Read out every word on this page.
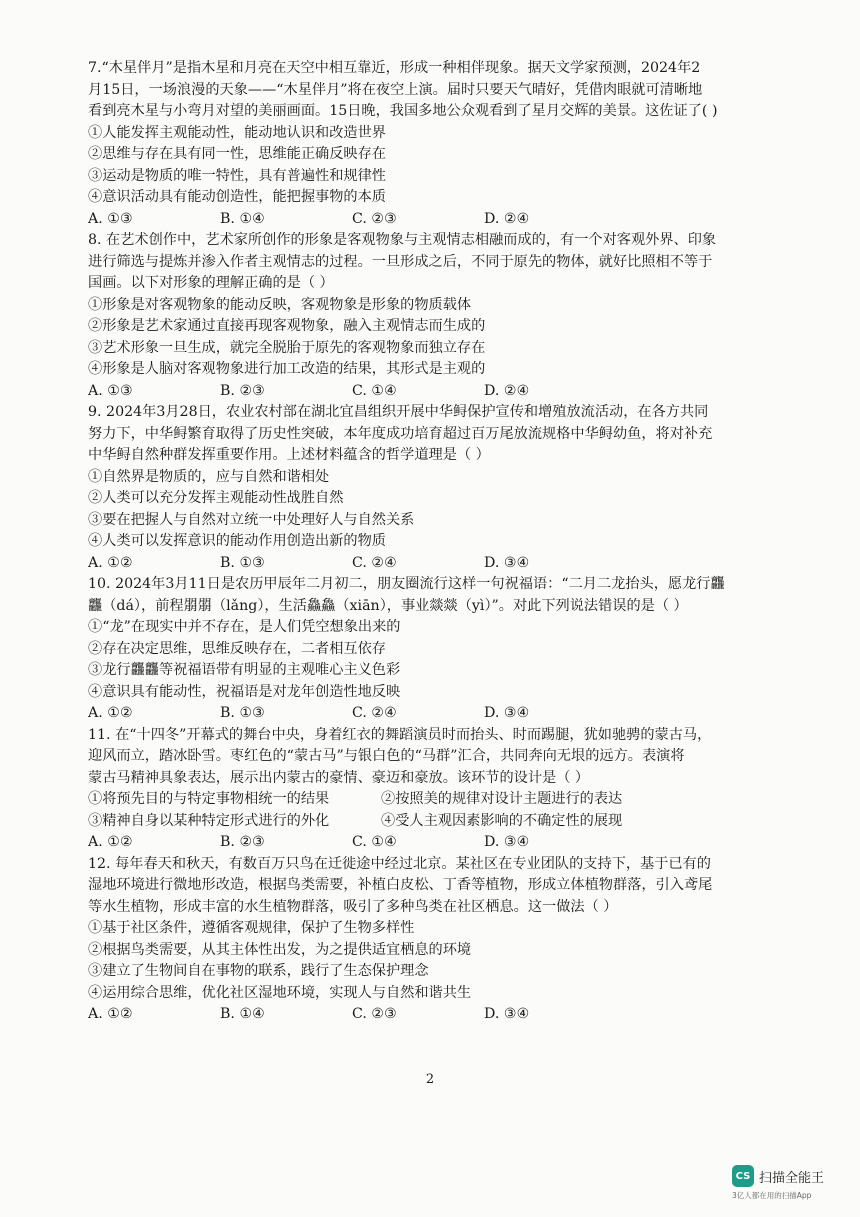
7.“木星伴月”是指木星和月亮在天空中相互靠近，形成一种相伴现象。据天文学家预测，2024年2
月15日，一场浪漫的天象——“木星伴月”将在夜空上演。届时只要天气晴好，凭借肉眼就可清晰地
看到亮木星与小弯月对望的美丽画面。15日晚，我国多地公众观看到了星月交辉的美景。这佐证了( )
①人能发挥主观能动性，能动地认识和改造世界
②思维与存在具有同一性，思维能正确反映存在
③运动是物质的唯一特性，具有普遍性和规律性
④意识活动具有能动创造性，能把握事物的本质
A. ①③	B. ①④	C. ②③	D. ②④
8. 在艺术创作中，艺术家所创作的形象是客观物象与主观情志相融而成的，有一个对客观外界、印象
进行筛选与提炼并渗入作者主观情志的过程。一旦形成之后，不同于原先的物体，就好比照相不等于
国画。以下对形象的理解正确的是（ ）
①形象是对客观物象的能动反映，客观物象是形象的物质载体
②形象是艺术家通过直接再现客观物象，融入主观情志而生成的
③艺术形象一旦生成，就完全脱胎于原先的客观物象而独立存在
④形象是人脑对客观物象进行加工改造的结果，其形式是主观的
A. ①③	B. ②③	C. ①④	D. ②④
9. 2024年3月28日，农业农村部在湖北宜昌组织开展中华鲟保护宣传和增殖放流活动，在各方共同
努力下，中华鲟繁育取得了历史性突破，本年度成功培育超过百万尾放流规格中华鲟幼鱼，将对补充
中华鲟自然种群发挥重要作用。上述材料蕴含的哲学道理是（ ）
①自然界是物质的，应与自然和谐相处
②人类可以充分发挥主观能动性战胜自然
③要在把握人与自然对立统一中处理好人与自然关系
④人类可以发挥意识的能动作用创造出新的物质
A. ①②	B. ①③	C. ②④	D. ③④
10. 2024年3月11日是农历甲辰年二月初二，朋友圈流行这样一句祝福语：“二月二龙抬头，愿龙行龘
龘（dá），前程朤朤（lǎng），生活鱻鱻（xiān），事业燚燚（yì）”。对此下列说法错误的是（ ）
①“龙”在现实中并不存在，是人们凭空想象出来的
②存在决定思维，思维反映存在，二者相互依存
③龙行龘龘等祝福语带有明显的主观唯心主义色彩
④意识具有能动性，祝福语是对龙年创造性地反映
A. ①②	B. ①③	C. ②④	D. ③④
11. 在“十四冬”开幕式的舞台中央，身着红衣的舞蹈演员时而抬头、时而踢腿，犹如驰骋的蒙古马，
迎风而立，踏冰卧雪。枣红色的“蒙古马”与银白色的“马群”汇合，共同奔向无垠的远方。表演将
蒙古马精神具象表达，展示出内蒙古的豪情、豪迈和豪放。该环节的设计是（ ）
①将预先目的与特定事物相统一的结果	②按照美的规律对设计主题进行的表达
③精神自身以某种特定形式进行的外化	④受人主观因素影响的不确定性的展现
A. ①②	B. ②③	C. ①④	D. ③④
12. 每年春天和秋天，有数百万只鸟在迁徙途中经过北京。某社区在专业团队的支持下，基于已有的
湿地环境进行微地形改造，根据鸟类需要，补植白皮松、丁香等植物，形成立体植物群落，引入鸢尾
等水生植物，形成丰富的水生植物群落，吸引了多种鸟类在社区栖息。这一做法（ ）
①基于社区条件，遵循客观规律，保护了生物多样性
②根据鸟类需要，从其主体性出发，为之提供适宜栖息的环境
③建立了生物间自在事物的联系，践行了生态保护理念
④运用综合思维，优化社区湿地环境，实现人与自然和谐共生
A. ①②	B. ①④	C. ②③	D. ③④
2
CS 扫描全能王
3亿人都在用的扫描App
